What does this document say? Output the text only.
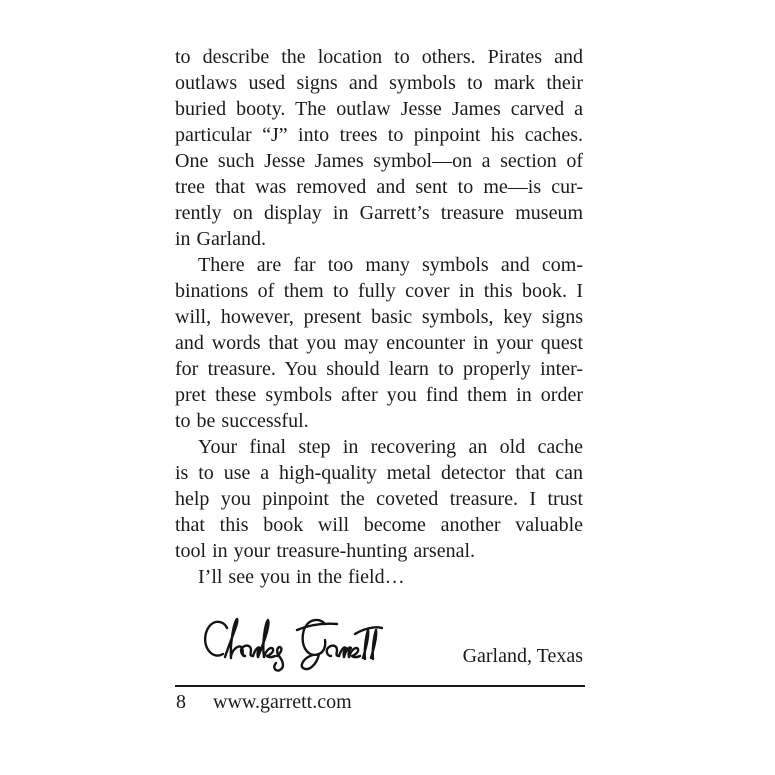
to describe the location to others. Pirates and
outlaws used signs and symbols to mark their
buried booty. The outlaw Jesse James carved a
particular “J” into trees to pinpoint his caches.
One such Jesse James symbol—on a section of
tree that was removed and sent to me—is cur-
rently on display in Garrett’s treasure museum
in Garland.
There are far too many symbols and com-
binations of them to fully cover in this book. I
will, however, present basic symbols, key signs
and words that you may encounter in your quest
for treasure. You should learn to properly inter-
pret these symbols after you find them in order
to be successful.
Your final step in recovering an old cache
is to use a high-quality metal detector that can
help you pinpoint the coveted treasure. I trust
that this book will become another valuable
tool in your treasure-hunting arsenal.
I’ll see you in the field…
Garland, Texas
8 www.garrett.com
